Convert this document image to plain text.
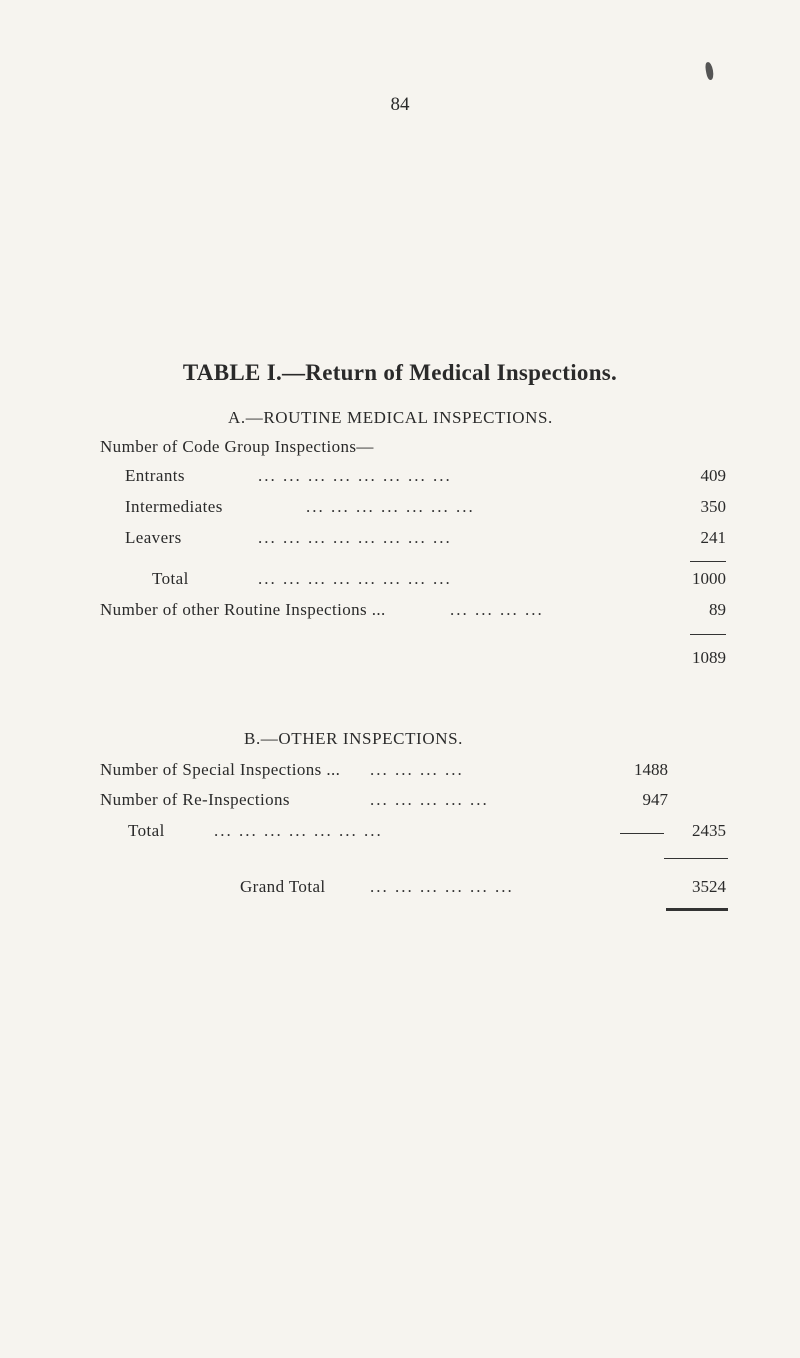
84
TABLE I.—Return of Medical Inspections.
A.—ROUTINE MEDICAL INSPECTIONS.
Number of Code Group Inspections—
Entrants	... ... ... ... ... ... ... ...	409
Intermediates	... ... ... ... ... ... ...	350
Leavers	... ... ... ... ... ... ... ...	241
Total	... ... ... ... ... ... ... ...	1000
Number of other Routine Inspections ...	... ... ... ...	89
1089
B.—OTHER INSPECTIONS.
Number of Special Inspections ... ... ... ... ...	1488
Number of Re-Inspections	... ... ... ... ...	947
Total	... ... ... ... ... ... ...	2435
Grand Total	... ... ... ... ... ...	3524
